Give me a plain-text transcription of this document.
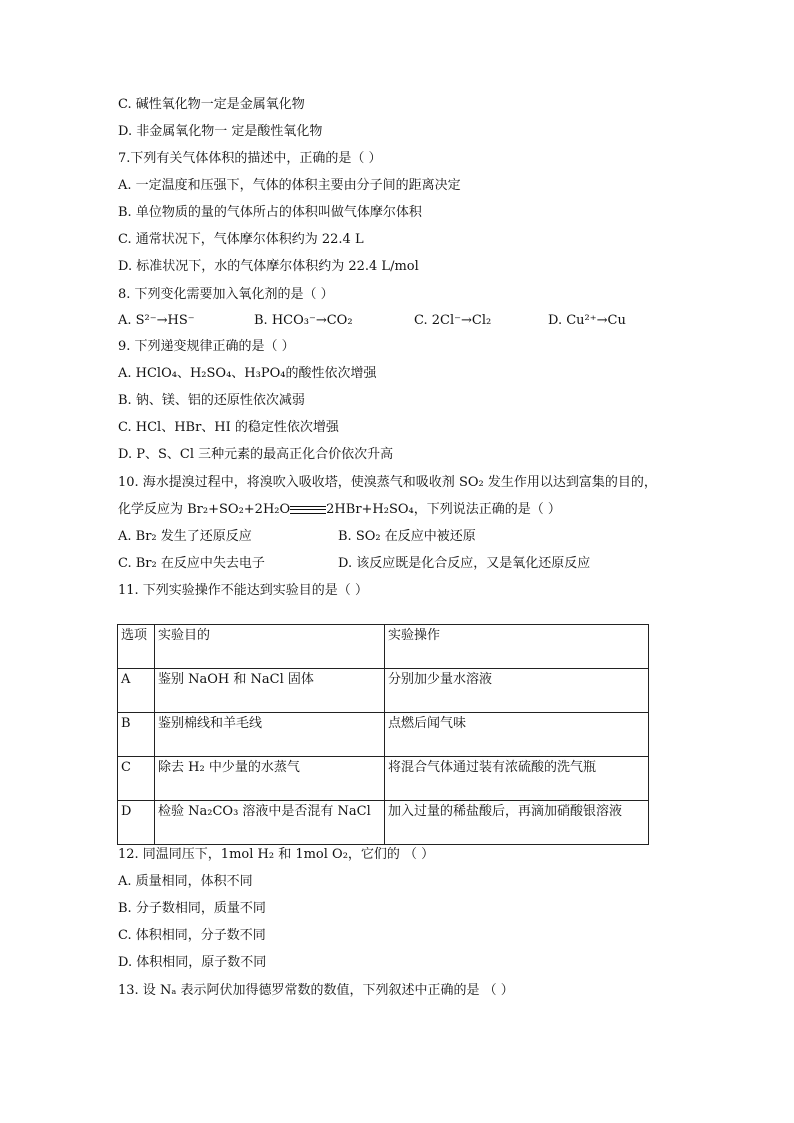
C. 碱性氧化物一定是金属氧化物
D. 非金属氧化物一 定是酸性氧化物
7.下列有关气体体积的描述中，正确的是（ ）
A. 一定温度和压强下，气体的体积主要由分子间的距离决定
B. 单位物质的量的气体所占的体积叫做气体摩尔体积
C. 通常状况下，气体摩尔体积约为 22.4 L
D. 标准状况下，水的气体摩尔体积约为 22.4 L/mol
8. 下列变化需要加入氧化剂的是（ ）
A. S²⁻→HS⁻	B. HCO₃⁻→CO₂	C. 2Cl⁻→Cl₂	D. Cu²⁺→Cu
9. 下列递变规律正确的是（ ）
A. HClO₄、H₂SO₄、H₃PO₄的酸性依次增强
B. 钠、镁、铝的还原性依次减弱
C. HCl、HBr、HI 的稳定性依次增强
D. P、S、Cl 三种元素的最高正化合价依次升高
10. 海水提溴过程中，将溴吹入吸收塔，使溴蒸气和吸收剂 SO₂ 发生作用以达到富集的目的，
化学反应为 Br₂+SO₂+2H₂O	2HBr+H₂SO₄，下列说法正确的是（ ）
A. Br₂ 发生了还原反应	B. SO₂ 在反应中被还原
C. Br₂ 在反应中失去电子	D. 该反应既是化合反应，又是氧化还原反应
11. 下列实验操作不能达到实验目的是（ ）
选项	实验目的	实验操作
A	鉴别 NaOH 和 NaCl 固体	分别加少量水溶液
B	鉴别棉线和羊毛线	点燃后闻气味
C	除去 H₂ 中少量的水蒸气	将混合气体通过装有浓硫酸的洗气瓶
D	检验 Na₂CO₃ 溶液中是否混有 NaCl	加入过量的稀盐酸后，再滴加硝酸银溶液
12. 同温同压下，1mol H₂ 和 1mol O₂，它们的 （ ）
A. 质量相同，体积不同
B. 分子数相同，质量不同
C. 体积相同，分子数不同
D. 体积相同，原子数不同
13. 设 Nₐ 表示阿伏加得德罗常数的数值，下列叙述中正确的是 （ ）
